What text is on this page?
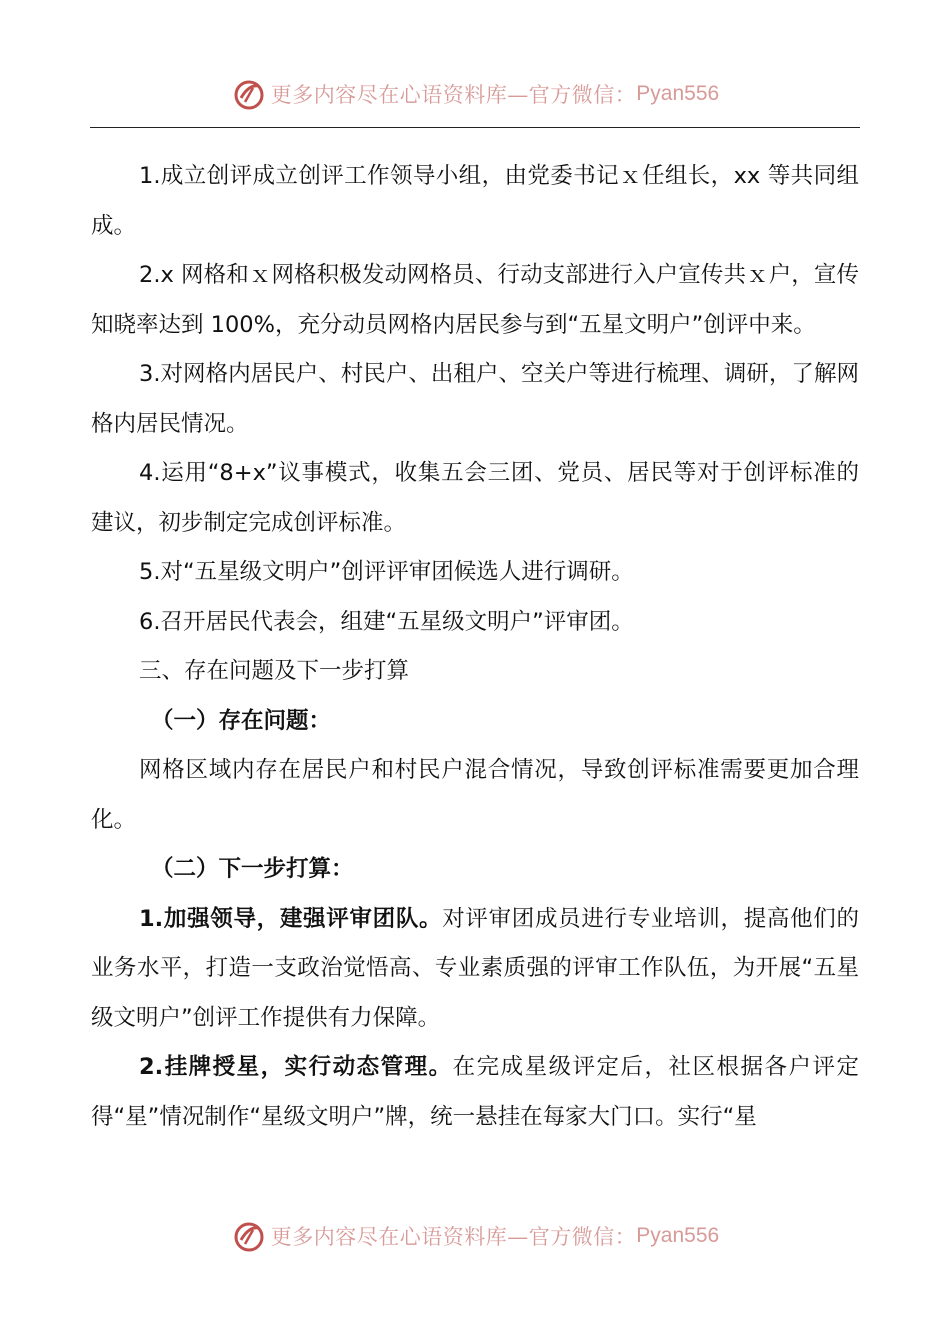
更多内容尽在心语资料库—官方微信： Pyan556

1.成立创评成立创评工作领导小组，由党委书记ｘ任组长，xx 等共同组成。

2.x 网格和ｘ网格积极发动网格员、行动支部进行入户宣传共ｘ户，宣传知晓率达到 100%，充分动员网格内居民参与到“五星文明户”创评中来。

3.对网格内居民户、村民户、出租户、空关户等进行梳理、调研，了解网格内居民情况。

4.运用“8+x”议事模式，收集五会三团、党员、居民等对于创评标准的建议，初步制定完成创评标准。

5.对“五星级文明户”创评评审团候选人进行调研。

6.召开居民代表会，组建“五星级文明户”评审团。

三、存在问题及下一步打算

（一）存在问题：

网格区域内存在居民户和村民户混合情况，导致创评标准需要更加合理化。

（二）下一步打算：

1.加强领导，建强评审团队。对评审团成员进行专业培训，提高他们的业务水平，打造一支政治觉悟高、专业素质强的评审工作队伍，为开展“五星级文明户”创评工作提供有力保障。

2.挂牌授星，实行动态管理。在完成星级评定后，社区根据各户评定得“星”情况制作“星级文明户”牌，统一悬挂在每家大门口。实行“星

更多内容尽在心语资料库—官方微信： Pyan556
